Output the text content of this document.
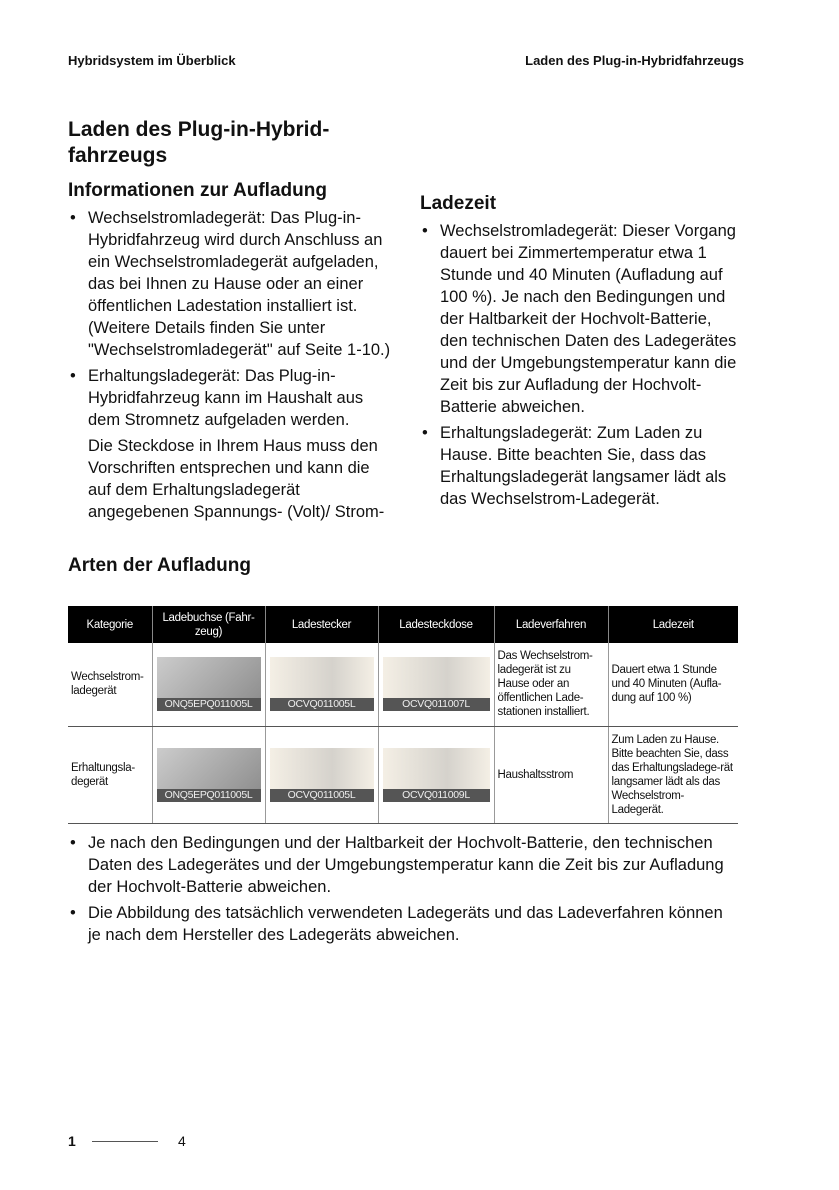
Hybridsystem im Überblick	Laden des Plug-in-Hybridfahrzeugs
Laden des Plug-in-Hybrid-fahrzeugs
Informationen zur Aufladung
• Wechselstromladegerät: Das Plug-in-Hybridfahrzeug wird durch Anschluss an ein Wechselstromladegerät aufgeladen, das bei Ihnen zu Hause oder an einer öffentlichen Ladestation installiert ist. (Weitere Details finden Sie unter "Wechselstromladegerät" auf Seite 1-10.)
• Erhaltungsladegerät: Das Plug-in-Hybridfahrzeug kann im Haushalt aus dem Stromnetz aufgeladen werden.

Die Steckdose in Ihrem Haus muss den Vorschriften entsprechen und kann die auf dem Erhaltungsladegerät angegebenen Spannungs- (Volt)/ Strom-

Ladezeit
• Wechselstromladegerät: Dieser Vorgang dauert bei Zimmertemperatur etwa 1 Stunde und 40 Minuten (Aufladung auf 100 %). Je nach den Bedingungen und der Haltbarkeit der Hochvolt-Batterie, den technischen Daten des Ladegerätes und der Umgebungstemperatur kann die Zeit bis zur Aufladung der Hochvolt-Batterie abweichen.
• Erhaltungsladegerät: Zum Laden zu Hause. Bitte beachten Sie, dass das Erhaltungsladegerät langsamer lädt als das Wechselstrom-Ladegerät.
Arten der Aufladung
Kategorie	Ladebuchse (Fahr-zeug)	Ladestecker	Ladesteckdose	Ladeverfahren	Ladezeit
Wechselstrom-ladegerät	ONQ5EPQ011005L	OCVQ011005L	OCVQ011007L	Das Wechselstrom-ladegerät ist zu Hause oder an öffentlichen Lade-stationen installiert.	Dauert etwa 1 Stunde und 40 Minuten (Aufla-dung auf 100 %)
Erhaltungsla-degerät	ONQ5EPQ011005L	OCVQ011005L	OCVQ011009L	Haushaltsstrom	Zum Laden zu Hause. Bitte beachten Sie, dass das Erhaltungsladege-rät langsamer lädt als das Wechselstrom-Ladegerät.
• Je nach den Bedingungen und der Haltbarkeit der Hochvolt-Batterie, den technischen Daten des Ladegerätes und der Umgebungstemperatur kann die Zeit bis zur Aufladung der Hochvolt-Batterie abweichen.
• Die Abbildung des tatsächlich verwendeten Ladegeräts und das Ladeverfahren können je nach dem Hersteller des Ladegeräts abweichen.
1	4
